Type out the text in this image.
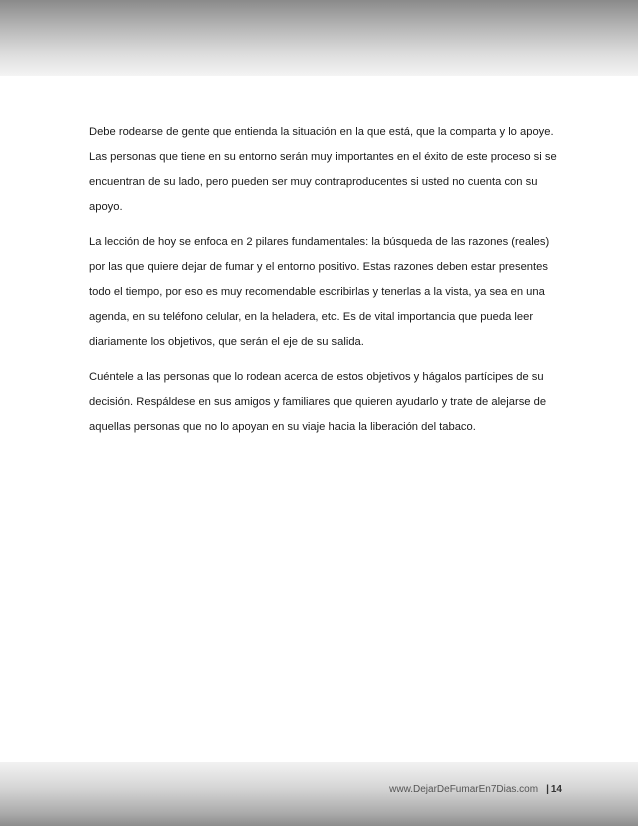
Debe rodearse de gente que entienda la situación en la que está, que la comparta y lo apoye. Las personas que tiene en su entorno serán muy importantes en el éxito de este proceso si se encuentran de su lado, pero pueden ser muy contraproducentes si usted no cuenta con su apoyo.

La lección de hoy se enfoca en 2 pilares fundamentales: la búsqueda de las razones (reales) por las que quiere dejar de fumar y el entorno positivo. Estas razones deben estar presentes todo el tiempo, por eso es muy recomendable escribirlas y tenerlas a la vista, ya sea en una agenda, en su teléfono celular, en la heladera, etc. Es de vital importancia que pueda leer diariamente los objetivos, que serán el eje de su salida.

Cuéntele a las personas que lo rodean acerca de estos objetivos y hágalos partícipes de su decisión. Respáldese en sus amigos y familiares que quieren ayudarlo y trate de alejarse de aquellas personas que no lo apoyan en su viaje hacia la liberación del tabaco.

www.DejarDeFumarEn7Dias.com | 14
